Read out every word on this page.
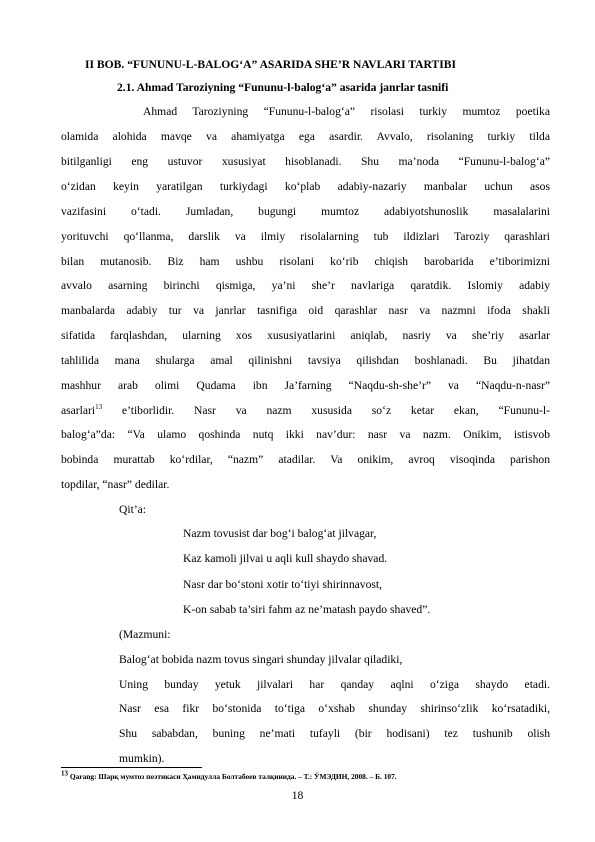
II BOB. “FUNUNU-L-BALOG‘A” ASARIDA SHE’R NAVLARI TARTIBI
2.1. Ahmad Taroziyning “Fununu-l-balog‘a” asarida janrlar tasnifi
Ahmad Taroziyning “Fununu-l-balog‘a” risolasi turkiy mumtoz poetika
olamida alohida mavqe va ahamiyatga ega asardir. Avvalo, risolaning turkiy tilda
bitilganligi eng ustuvor xususiyat hisoblanadi. Shu ma’noda “Fununu-l-balog‘a”
o‘zidan keyin yaratilgan turkiydagi ko‘plab adabiy-nazariy manbalar uchun asos
vazifasini o‘tadi. Jumladan, bugungi mumtoz adabiyotshunoslik masalalarini
yorituvchi qo‘llanma, darslik va ilmiy risolalarning tub ildizlari Taroziy qarashlari
bilan mutanosib. Biz ham ushbu risolani ko‘rib chiqish barobarida e’tiborimizni
avvalo asarning birinchi qismiga, ya’ni she’r navlariga qaratdik. Islomiy adabiy
manbalarda adabiy tur va janrlar tasnifiga oid qarashlar nasr va nazmni ifoda shakli
sifatida farqlashdan, ularning xos xususiyatlarini aniqlab, nasriy va she’riy asarlar
tahlilida mana shularga amal qilinishni tavsiya qilishdan boshlanadi. Bu jihatdan
mashhur arab olimi Qudama ibn Ja’farning “Naqdu-sh-she’r” va “Naqdu-n-nasr”
asarlari$^{13}$ e’tiborlidir. Nasr va nazm xususida so‘z ketar ekan, “Fununu-l-
balog‘a”da: “Va ulamo qoshinda nutq ikki nav’dur: nasr va nazm. Onikim, istisvob
bobinda murattab ko‘rdilar, “nazm” atadilar. Va onikim, avroq visoqinda parishon
topdilar, “nasr” dedilar.
Qit’a:
Nazm tovusist dar bog‘i balog‘at jilvagar,
Kaz kamoli jilvai u aqli kull shaydo shavad.
Nasr dar bo‘stoni xotir to‘tiyi shirinnavost,
K-on sabab ta’siri fahm az ne’matash paydo shaved”.
(Mazmuni:
Balog‘at bobida nazm tovus singari shunday jilvalar qiladiki,
Uning bunday yetuk jilvalari har qanday aqlni o‘ziga shaydo etadi.
Nasr esa fikr bo‘stonida to‘tiga o‘xshab shunday shirinso‘zlik ko‘rsatadiki,
Shu sababdan, buning ne’mati tufayli (bir hodisani) tez tushunib olish
mumkin).
$^{13}$ Qarang: Шарқ мумтоз поэтикаси Ҳамидулла Болтабоев талқинида. – Т.: ЎМЭДИН, 2008. – Б. 107.
18
